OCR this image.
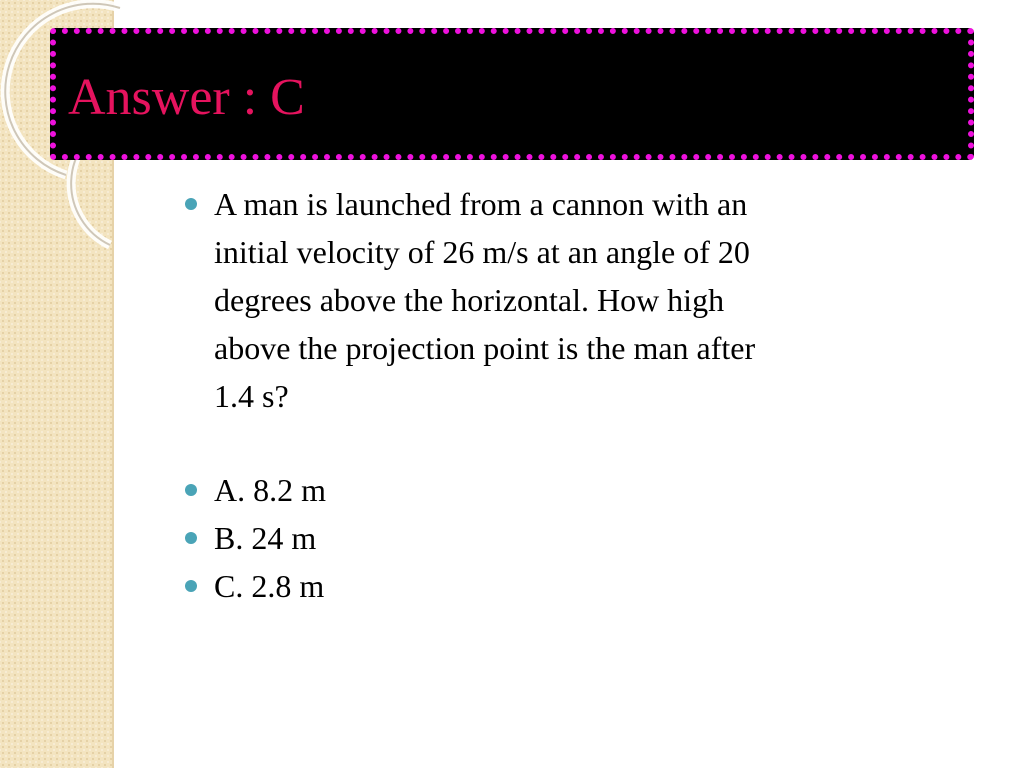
Answer : C
A man is launched from a cannon with an initial velocity of 26 m/s at an angle of 20 degrees above the horizontal. How high above the projection point is the man after 1.4 s?
A. 8.2 m
B. 24 m
C. 2.8 m
